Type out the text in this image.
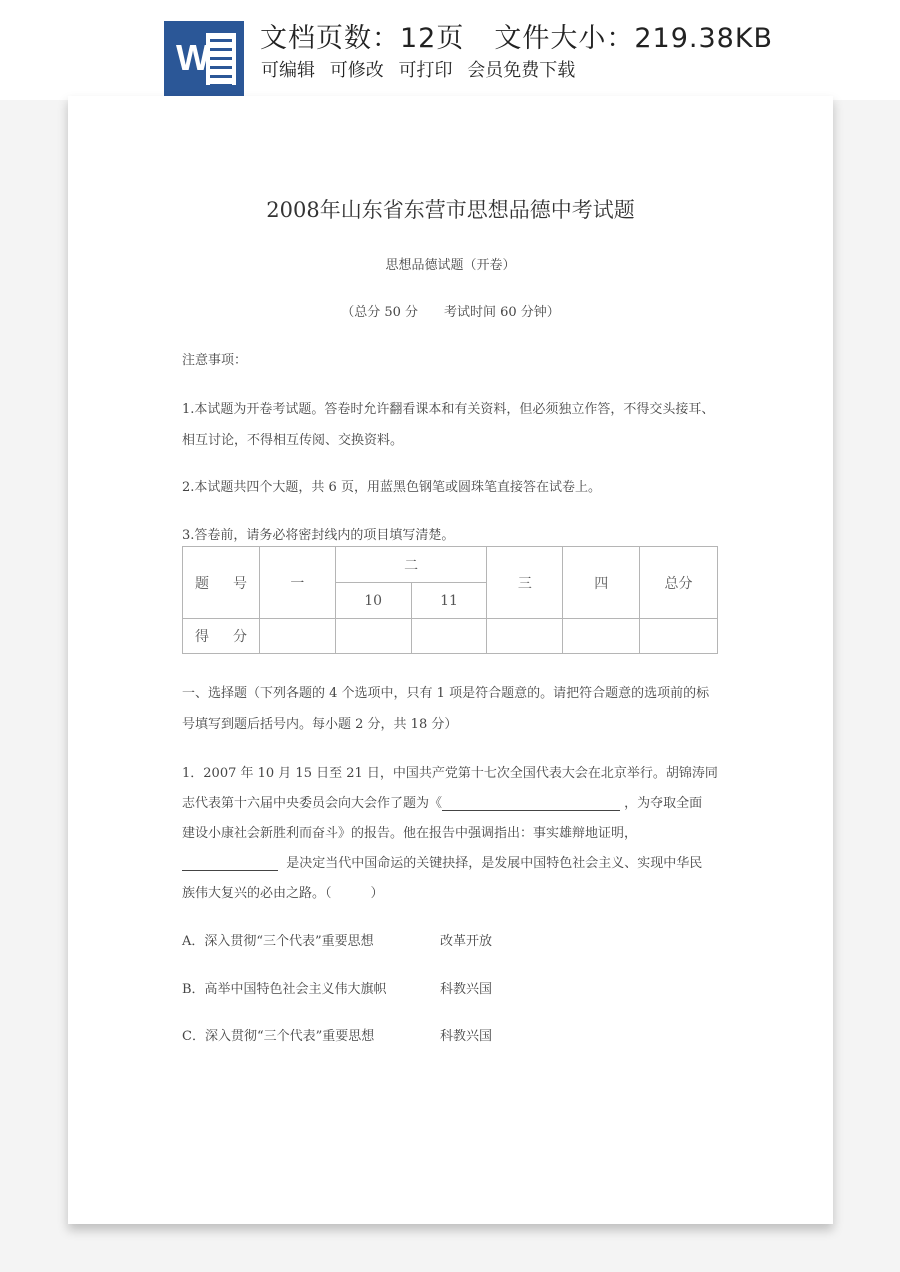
W 文档页数：12页 文件大小：219.38KB
可编辑 可修改 可打印 会员免费下载
2008年山东省东营市思想品德中考试题
思想品德试题（开卷）
（总分 50 分　　考试时间 60 分钟）
注意事项：
1.本试题为开卷考试题。答卷时允许翻看课本和有关资料，但必须独立作答，不得交头接耳、
相互讨论，不得相互传阅、交换资料。
2.本试题共四个大题，共 6 页，用蓝黑色钢笔或圆珠笔直接答在试卷上。
3.答卷前，请务必将密封线内的项目填写清楚。
题 号	一	二		三	四	总分
		10	11			

得 分						

一、选择题（下列各题的 4 个选项中，只有 1 项是符合题意的。请把符合题意的选项前的标
号填写到题后括号内。每小题 2 分，共 18 分）
1．2007 年 10 月 15 日至 21 日，中国共产党第十七次全国代表大会在北京举行。胡锦涛同
志代表第十六届中央委员会向大会作了题为《	，为夺取全面
建设小康社会新胜利而奋斗》的报告。他在报告中强调指出：事实雄辩地证明，
是决定当代中国命运的关键抉择，是发展中国特色社会主义、实现中华民
族伟大复兴的必由之路。（　　　）
A．深入贯彻“三个代表”重要思想	改革开放
B．高举中国特色社会主义伟大旗帜	科教兴国
C．深入贯彻“三个代表”重要思想	科教兴国
